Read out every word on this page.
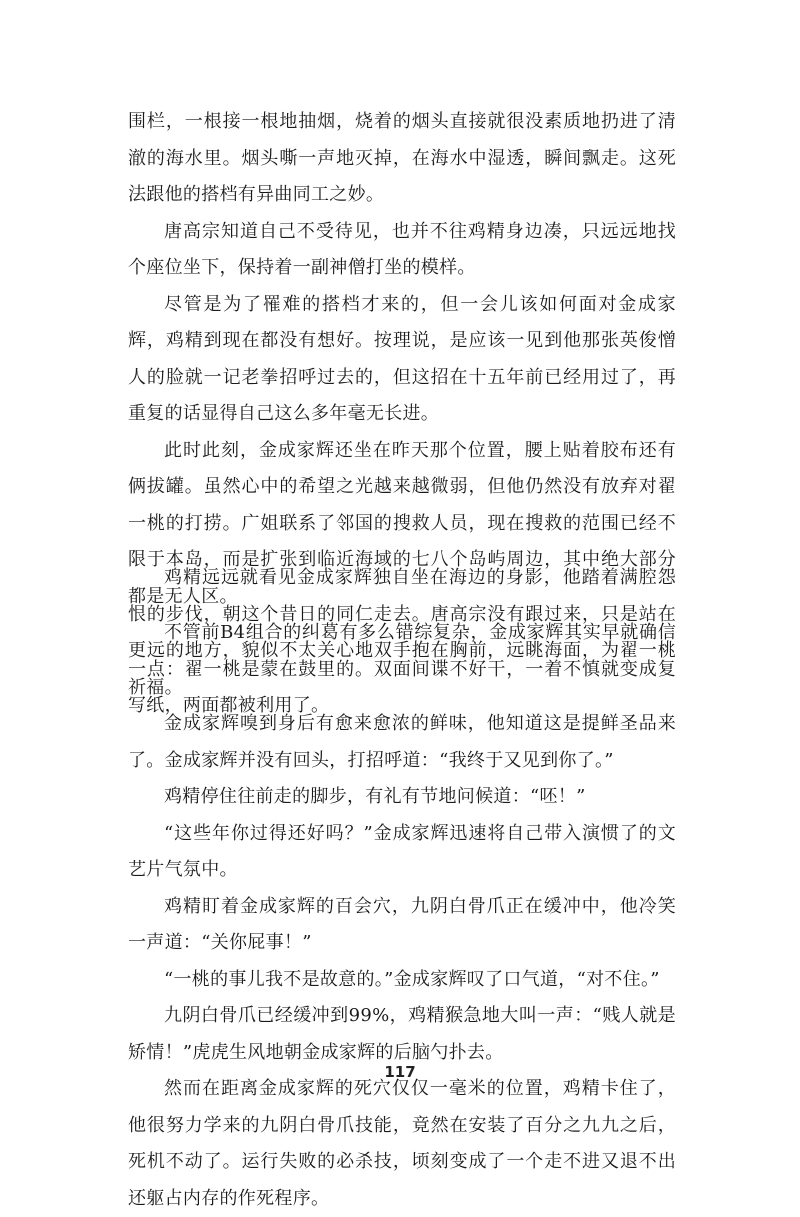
围栏，一根接一根地抽烟，烧着的烟头直接就很没素质地扔进了清澈的海水里。烟头嘶一声地灭掉，在海水中湿透，瞬间飘走。这死法跟他的搭档有异曲同工之妙。

唐高宗知道自己不受待见，也并不往鸡精身边凑，只远远地找个座位坐下，保持着一副神僧打坐的模样。

尽管是为了罹难的搭档才来的，但一会儿该如何面对金成家辉，鸡精到现在都没有想好。按理说，是应该一见到他那张英俊憎人的脸就一记老拳招呼过去的，但这招在十五年前已经用过了，再重复的话显得自己这么多年毫无长进。

此时此刻，金成家辉还坐在昨天那个位置，腰上贴着胶布还有俩拔罐。虽然心中的希望之光越来越微弱，但他仍然没有放弃对翟一桃的打捞。广姐联系了邻国的搜救人员，现在搜救的范围已经不限于本岛，而是扩张到临近海域的七八个岛屿周边，其中绝大部分都是无人区。

不管前B4组合的纠葛有多么错综复杂，金成家辉其实早就确信一点：翟一桃是蒙在鼓里的。双面间谍不好干，一着不慎就变成复写纸，两面都被利用了。

鸡精远远就看见金成家辉独自坐在海边的身影，他踏着满腔怨恨的步伐，朝这个昔日的同仁走去。唐高宗没有跟过来，只是站在更远的地方，貌似不太关心地双手抱在胸前，远眺海面，为翟一桃祈福。

金成家辉嗅到身后有愈来愈浓的鲜味，他知道这是提鲜圣品来了。金成家辉并没有回头，打招呼道：“我终于又见到你了。”

鸡精停住往前走的脚步，有礼有节地问候道：“呸！”

“这些年你过得还好吗？”金成家辉迅速将自己带入演惯了的文艺片气氛中。

鸡精盯着金成家辉的百会穴，九阴白骨爪正在缓冲中，他冷笑一声道：“关你屁事！”

“一桃的事儿我不是故意的。”金成家辉叹了口气道，“对不住。”

九阴白骨爪已经缓冲到99%，鸡精猴急地大叫一声：“贱人就是矫情！”虎虎生风地朝金成家辉的后脑勺扑去。

然而在距离金成家辉的死穴仅仅一毫米的位置，鸡精卡住了，他很努力学来的九阴白骨爪技能，竟然在安装了百分之九九之后，死机不动了。运行失败的必杀技，顷刻变成了一个走不进又退不出还躯占内存的作死程序。

117
